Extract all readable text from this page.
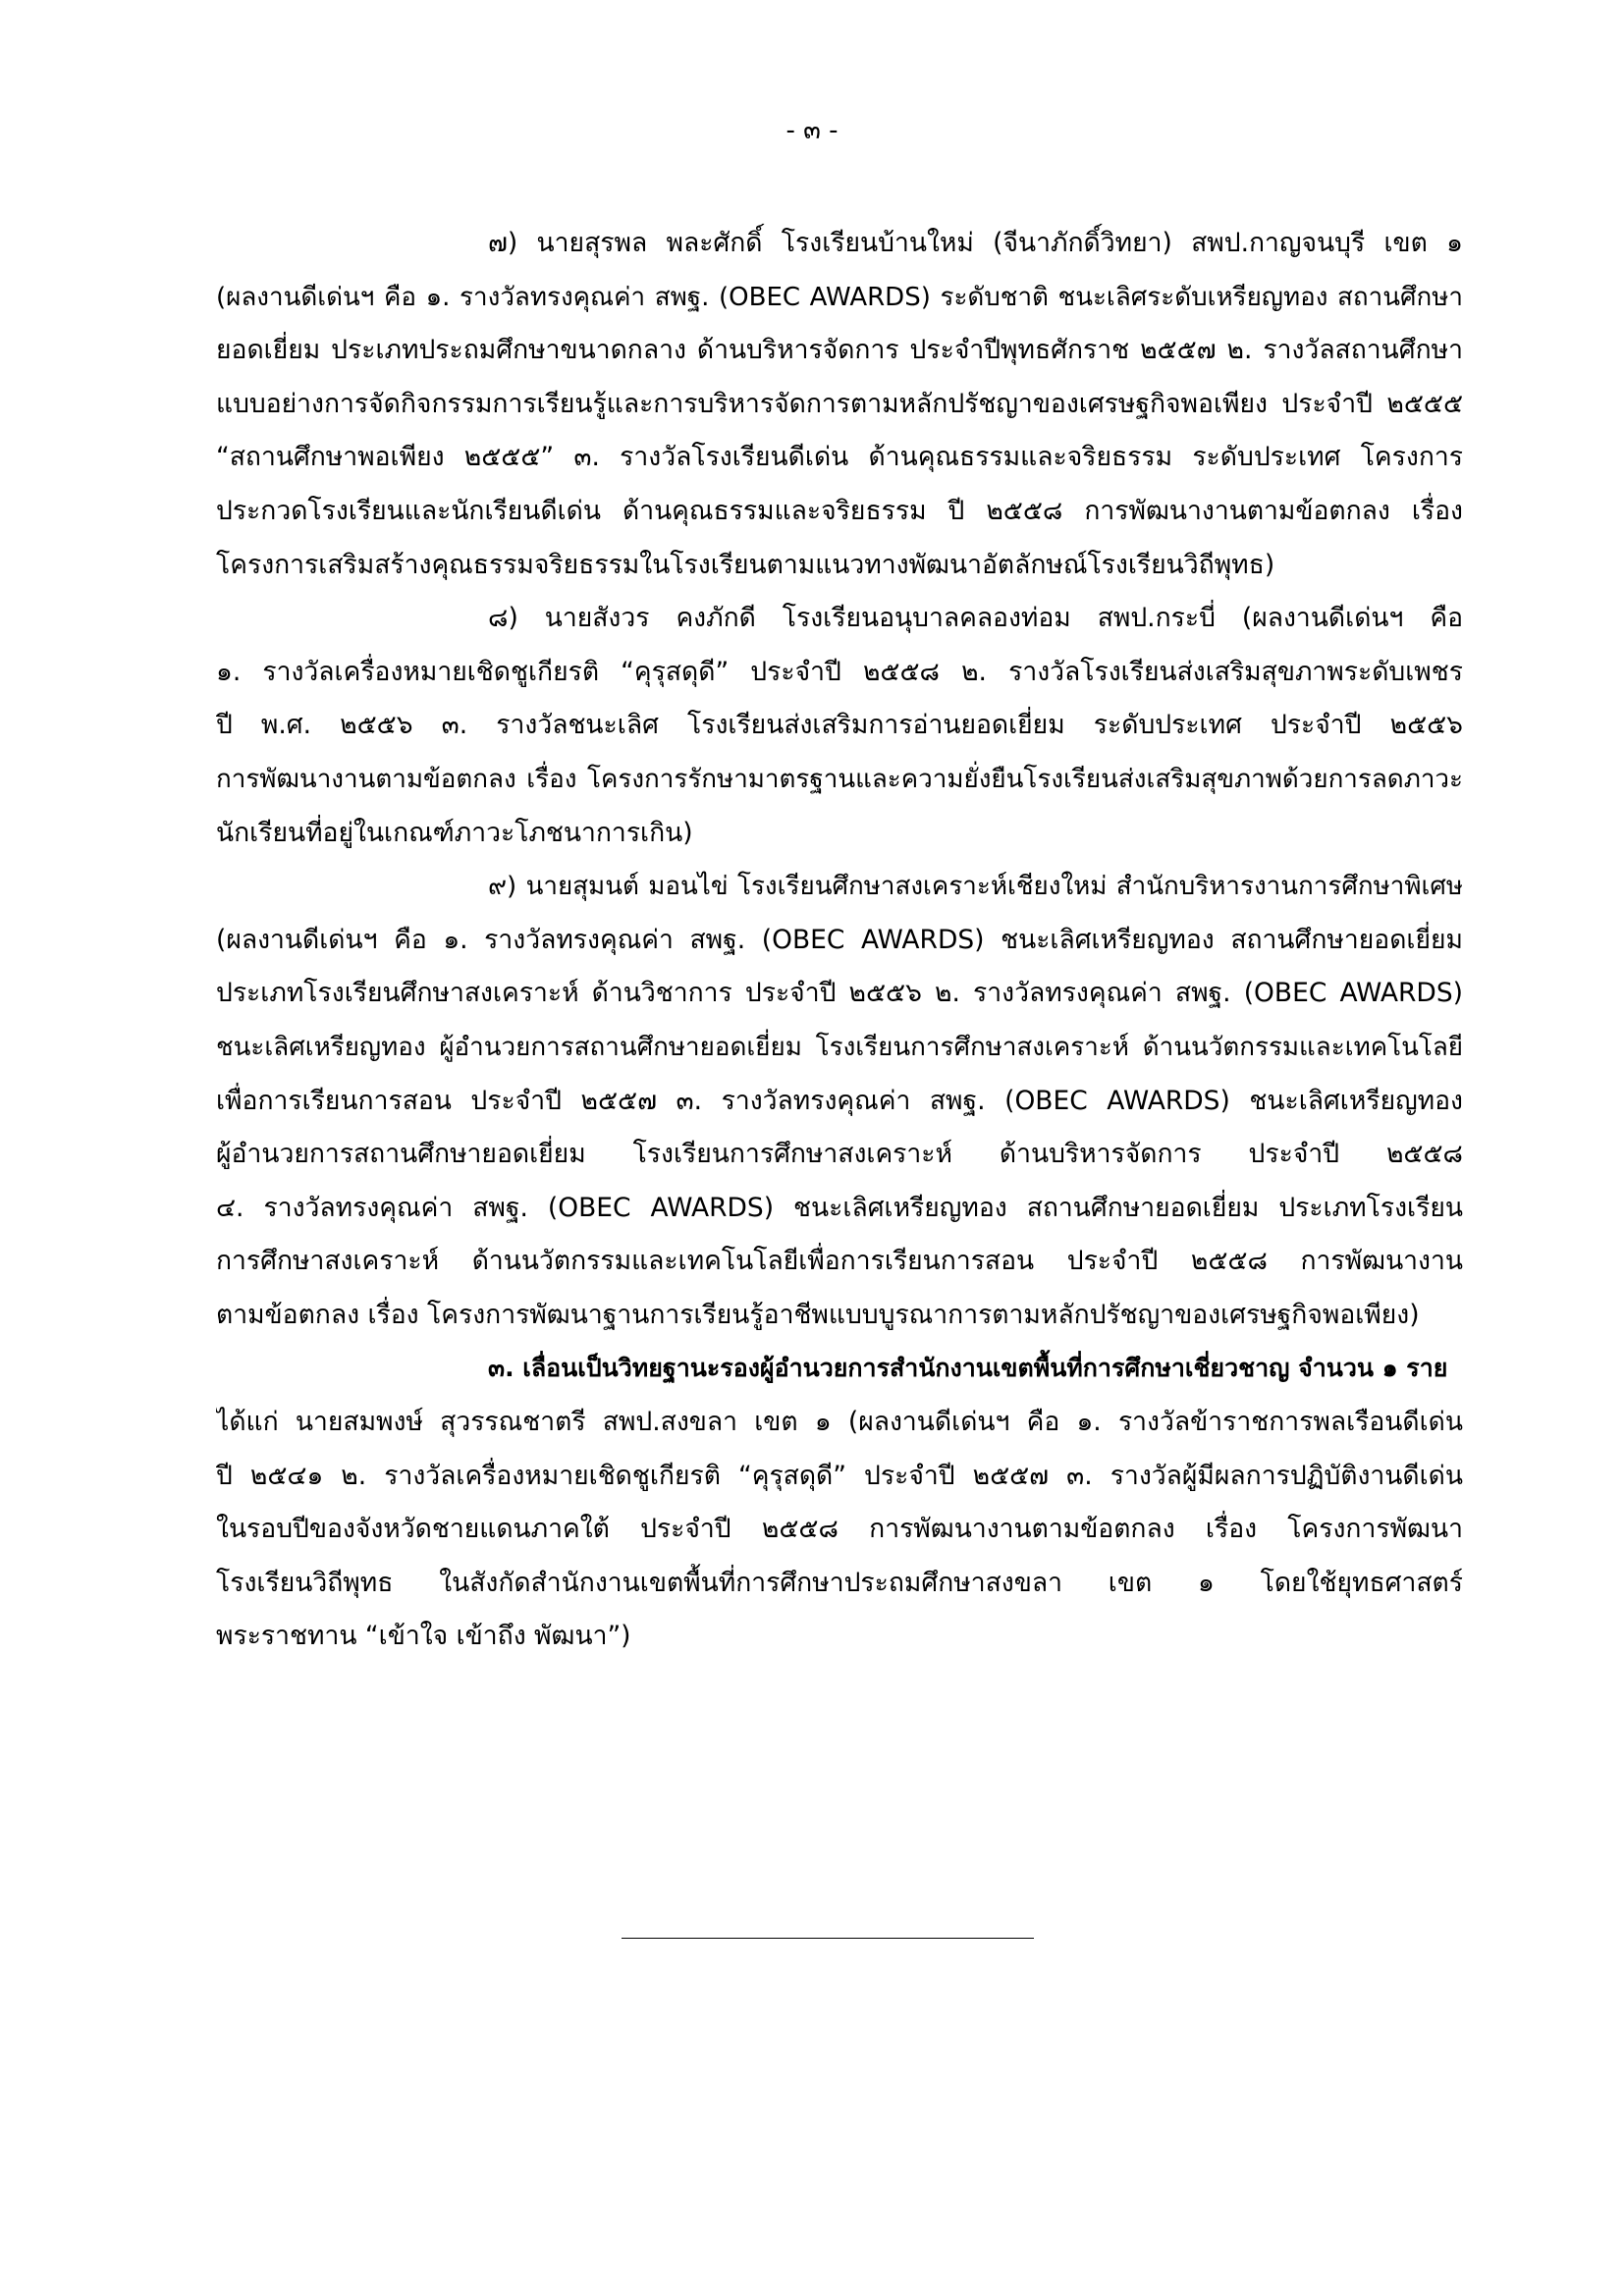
- ๓ -
๗) นายสุรพล พละศักดิ์ โรงเรียนบ้านใหม่ (จีนาภักดิ์วิทยา) สพป.กาญจนบุรี เขต ๑
(ผลงานดีเด่นฯ คือ ๑. รางวัลทรงคุณค่า สพฐ. (OBEC AWARDS) ระดับชาติ ชนะเลิศระดับเหรียญทอง สถานศึกษา
ยอดเยี่ยม ประเภทประถมศึกษาขนาดกลาง ด้านบริหารจัดการ ประจำปีพุทธศักราช ๒๕๕๗ ๒. รางวัลสถานศึกษา
แบบอย่างการจัดกิจกรรมการเรียนรู้และการบริหารจัดการตามหลักปรัชญาของเศรษฐกิจพอเพียง ประจำปี ๒๕๕๕
“สถานศึกษาพอเพียง ๒๕๕๕” ๓. รางวัลโรงเรียนดีเด่น ด้านคุณธรรมและจริยธรรม ระดับประเทศ โครงการ
ประกวดโรงเรียนและนักเรียนดีเด่น ด้านคุณธรรมและจริยธรรม ปี ๒๕๕๘ การพัฒนางานตามข้อตกลง เรื่อง
โครงการเสริมสร้างคุณธรรมจริยธรรมในโรงเรียนตามแนวทางพัฒนาอัตลักษณ์โรงเรียนวิถีพุทธ)
๘) นายสังวร คงภักดี โรงเรียนอนุบาลคลองท่อม สพป.กระบี่ (ผลงานดีเด่นฯ คือ
๑. รางวัลเครื่องหมายเชิดชูเกียรติ “คุรุสดุดี” ประจำปี ๒๕๕๘ ๒. รางวัลโรงเรียนส่งเสริมสุขภาพระดับเพชร
ปี พ.ศ. ๒๕๕๖ ๓. รางวัลชนะเลิศ โรงเรียนส่งเสริมการอ่านยอดเยี่ยม ระดับประเทศ ประจำปี ๒๕๕๖
การพัฒนางานตามข้อตกลง เรื่อง โครงการรักษามาตรฐานและความยั่งยืนโรงเรียนส่งเสริมสุขภาพด้วยการลดภาวะ
นักเรียนที่อยู่ในเกณฑ์ภาวะโภชนาการเกิน)
๙) นายสุมนต์ มอนไข่ โรงเรียนศึกษาสงเคราะห์เชียงใหม่ สำนักบริหารงานการศึกษาพิเศษ
(ผลงานดีเด่นฯ คือ ๑. รางวัลทรงคุณค่า สพฐ. (OBEC AWARDS) ชนะเลิศเหรียญทอง สถานศึกษายอดเยี่ยม
ประเภทโรงเรียนศึกษาสงเคราะห์ ด้านวิชาการ ประจำปี ๒๕๕๖ ๒. รางวัลทรงคุณค่า สพฐ. (OBEC AWARDS)
ชนะเลิศเหรียญทอง ผู้อำนวยการสถานศึกษายอดเยี่ยม โรงเรียนการศึกษาสงเคราะห์ ด้านนวัตกรรมและเทคโนโลยี
เพื่อการเรียนการสอน ประจำปี ๒๕๕๗ ๓. รางวัลทรงคุณค่า สพฐ. (OBEC AWARDS) ชนะเลิศเหรียญทอง
ผู้อำนวยการสถานศึกษายอดเยี่ยม โรงเรียนการศึกษาสงเคราะห์ ด้านบริหารจัดการ ประจำปี ๒๕๕๘
๔. รางวัลทรงคุณค่า สพฐ. (OBEC AWARDS) ชนะเลิศเหรียญทอง สถานศึกษายอดเยี่ยม ประเภทโรงเรียน
การศึกษาสงเคราะห์ ด้านนวัตกรรมและเทคโนโลยีเพื่อการเรียนการสอน ประจำปี ๒๕๕๘ การพัฒนางาน
ตามข้อตกลง เรื่อง โครงการพัฒนาฐานการเรียนรู้อาชีพแบบบูรณาการตามหลักปรัชญาของเศรษฐกิจพอเพียง)
๓. เลื่อนเป็นวิทยฐานะรองผู้อำนวยการสำนักงานเขตพื้นที่การศึกษาเชี่ยวชาญ จำนวน ๑ ราย
ได้แก่ นายสมพงษ์ สุวรรณชาตรี สพป.สงขลา เขต ๑ (ผลงานดีเด่นฯ คือ ๑. รางวัลข้าราชการพลเรือนดีเด่น
ปี ๒๕๔๑ ๒. รางวัลเครื่องหมายเชิดชูเกียรติ “คุรุสดุดี” ประจำปี ๒๕๕๗ ๓. รางวัลผู้มีผลการปฏิบัติงานดีเด่น
ในรอบปีของจังหวัดชายแดนภาคใต้ ประจำปี ๒๕๕๘ การพัฒนางานตามข้อตกลง เรื่อง โครงการพัฒนา
โรงเรียนวิถีพุทธ ในสังกัดสำนักงานเขตพื้นที่การศึกษาประถมศึกษาสงขลา เขต ๑ โดยใช้ยุทธศาสตร์
พระราชทาน “เข้าใจ เข้าถึง พัฒนา”)
